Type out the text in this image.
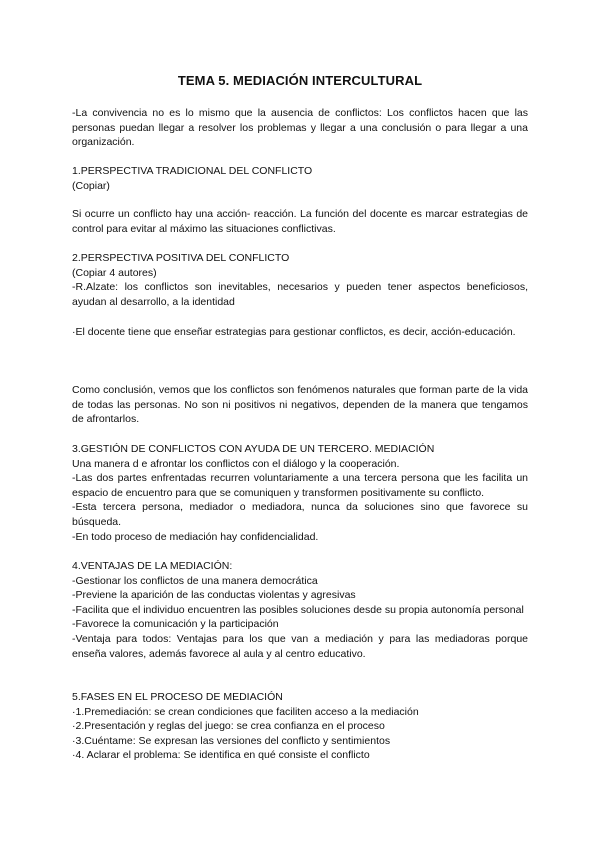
TEMA 5. MEDIACIÓN INTERCULTURAL
-La convivencia no es lo mismo que la ausencia de conflictos: Los conflictos hacen que las personas puedan llegar a resolver los problemas y llegar a una conclusión o para llegar a una organización.

1.PERSPECTIVA TRADICIONAL DEL CONFLICTO

(Copiar)

Si ocurre un conflicto hay una acción- reacción. La función del docente es marcar estrategias de control para evitar al máximo las situaciones conflictivas.

2.PERSPECTIVA POSITIVA DEL CONFLICTO

(Copiar 4 autores)

-R.Alzate: los conflictos son inevitables, necesarios y pueden tener aspectos beneficiosos, ayudan al desarrollo, a la identidad

·El docente tiene que enseñar estrategias para gestionar conflictos, es decir, acción-educación.
Como conclusión, vemos que los conflictos son fenómenos naturales que forman parte de la vida de todas las personas. No son ni positivos ni negativos, dependen de la manera que tengamos de afrontarlos.

3.GESTIÓN DE CONFLICTOS CON AYUDA DE UN TERCERO. MEDIACIÓN

Una manera d e afrontar los conflictos con el diálogo y la cooperación.

-Las dos partes enfrentadas recurren voluntariamente a una tercera persona que les facilita un espacio de encuentro para que se comuniquen y transformen positivamente su conflicto.

-Esta tercera persona, mediador o mediadora, nunca da soluciones sino que favorece su búsqueda.

-En todo proceso de mediación hay confidencialidad.

4.VENTAJAS DE LA MEDIACIÓN:

-Gestionar los conflictos de una manera democrática

-Previene la aparición de las conductas violentas y agresivas

-Facilita que el individuo encuentren las posibles soluciones desde su propia autonomía personal

-Favorece la comunicación y la participación

-Ventaja para todos: Ventajas para los que van a mediación y para las mediadoras porque enseña valores, además favorece al aula y al centro educativo.

5.FASES EN EL PROCESO DE MEDIACIÓN

·1.Premediación: se crean condiciones que faciliten acceso a la mediación

·2.Presentación y reglas del juego: se crea confianza en el proceso

·3.Cuéntame: Se expresan las versiones del conflicto y sentimientos

·4. Aclarar el problema: Se identifica en qué consiste el conflicto
